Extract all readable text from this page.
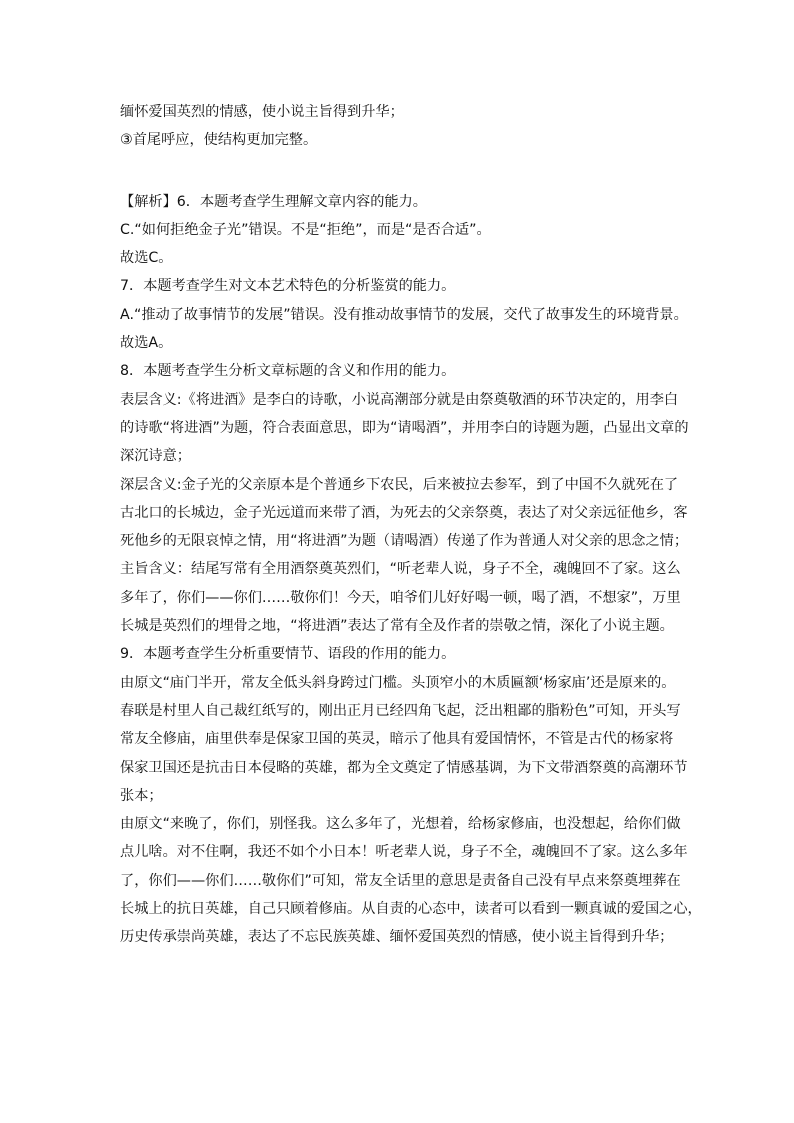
缅怀爱国英烈的情感，使小说主旨得到升华；
③首尾呼应，使结构更加完整。
【解析】6．本题考查学生理解文章内容的能力。
C.“如何拒绝金子光”错误。不是“拒绝”，而是“是否合适”。
故选C。
7．本题考查学生对文本艺术特色的分析鉴赏的能力。
A.“推动了故事情节的发展”错误。没有推动故事情节的发展，交代了故事发生的环境背景。
故选A。
8．本题考查学生分析文章标题的含义和作用的能力。
表层含义:《将进酒》是李白的诗歌，小说高潮部分就是由祭奠敬酒的环节决定的，用李白
的诗歌“将进酒”为题，符合表面意思，即为“请喝酒”，并用李白的诗题为题，凸显出文章的
深沉诗意；
深层含义:金子光的父亲原本是个普通乡下农民，后来被拉去参军，到了中国不久就死在了
古北口的长城边，金子光远道而来带了酒，为死去的父亲祭奠，表达了对父亲远征他乡，客
死他乡的无限哀悼之情，用“将进酒”为题（请喝酒）传递了作为普通人对父亲的思念之情；
主旨含义：结尾写常有全用酒祭奠英烈们，“听老辈人说，身子不全，魂魄回不了家。这么
多年了，你们——你们……敬你们！今天，咱爷们儿好好喝一顿，喝了酒，不想家”，万里
长城是英烈们的埋骨之地，“将进酒”表达了常有全及作者的崇敬之情，深化了小说主题。
9．本题考查学生分析重要情节、语段的作用的能力。
由原文“庙门半开，常友全低头斜身跨过门槛。头顶窄小的木质匾额‘杨家庙’还是原来的。
春联是村里人自己裁红纸写的，刚出正月已经四角飞起，泛出粗鄙的脂粉色”可知，开头写
常友全修庙，庙里供奉是保家卫国的英灵，暗示了他具有爱国情怀，不管是古代的杨家将
保家卫国还是抗击日本侵略的英雄，都为全文奠定了情感基调，为下文带酒祭奠的高潮环节
张本；
由原文“来晚了，你们，别怪我。这么多年了，光想着，给杨家修庙，也没想起，给你们做
点儿啥。对不住啊，我还不如个小日本！听老辈人说，身子不全，魂魄回不了家。这么多年
了，你们——你们……敬你们”可知，常友全话里的意思是责备自己没有早点来祭奠埋葬在
长城上的抗日英雄，自己只顾着修庙。从自责的心态中，读者可以看到一颗真诚的爱国之心，
历史传承崇尚英雄，表达了不忘民族英雄、缅怀爱国英烈的情感，使小说主旨得到升华；
